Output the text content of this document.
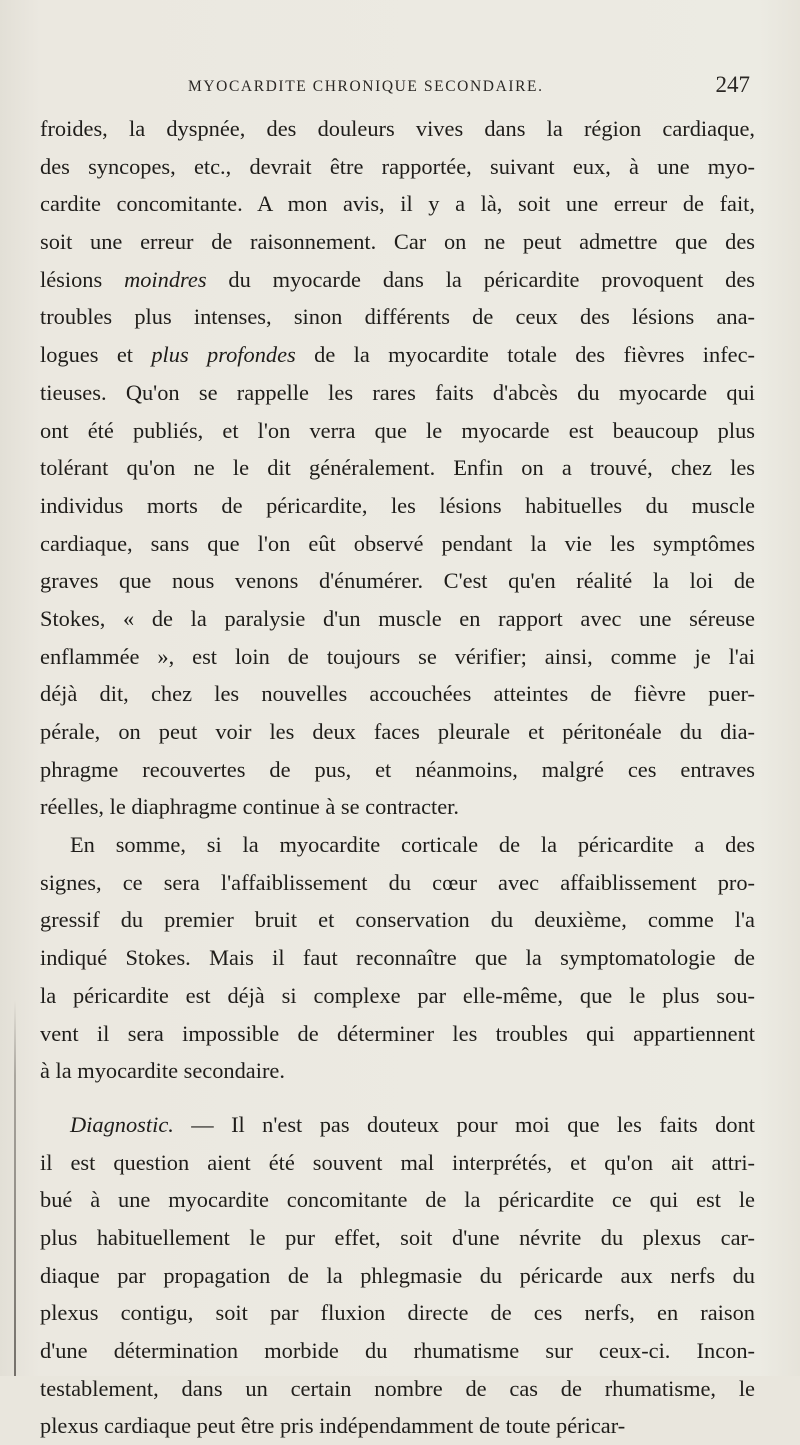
MYOCARDITE CHRONIQUE SECONDAIRE.	247
froides, la dyspnée, des douleurs vives dans la région cardiaque,
des syncopes, etc., devrait être rapportée, suivant eux, à une myo-
cardite concomitante. A mon avis, il y a là, soit une erreur de fait,
soit une erreur de raisonnement. Car on ne peut admettre que des
lésions moindres du myocarde dans la péricardite provoquent des
troubles plus intenses, sinon différents de ceux des lésions ana-
logues et plus profondes de la myocardite totale des fièvres infec-
tieuses. Qu'on se rappelle les rares faits d'abcès du myocarde qui
ont été publiés, et l'on verra que le myocarde est beaucoup plus
tolérant qu'on ne le dit généralement. Enfin on a trouvé, chez les
individus morts de péricardite, les lésions habituelles du muscle
cardiaque, sans que l'on eût observé pendant la vie les symptômes
graves que nous venons d'énumérer. C'est qu'en réalité la loi de
Stokes, « de la paralysie d'un muscle en rapport avec une séreuse
enflammée », est loin de toujours se vérifier; ainsi, comme je l'ai
déjà dit, chez les nouvelles accouchées atteintes de fièvre puer-
pérale, on peut voir les deux faces pleurale et péritonéale du dia-
phragme recouvertes de pus, et néanmoins, malgré ces entraves
réelles, le diaphragme continue à se contracter.
En somme, si la myocardite corticale de la péricardite a des
signes, ce sera l'affaiblissement du cœur avec affaiblissement pro-
gressif du premier bruit et conservation du deuxième, comme l'a
indiqué Stokes. Mais il faut reconnaître que la symptomatologie de
la péricardite est déjà si complexe par elle-même, que le plus sou-
vent il sera impossible de déterminer les troubles qui appartiennent
à la myocardite secondaire.
Diagnostic. — Il n'est pas douteux pour moi que les faits dont
il est question aient été souvent mal interprétés, et qu'on ait attri-
bué à une myocardite concomitante de la péricardite ce qui est le
plus habituellement le pur effet, soit d'une névrite du plexus car-
diaque par propagation de la phlegmasie du péricarde aux nerfs du
plexus contigu, soit par fluxion directe de ces nerfs, en raison
d'une détermination morbide du rhumatisme sur ceux-ci. Incon-
testablement, dans un certain nombre de cas de rhumatisme, le
plexus cardiaque peut être pris indépendamment de toute péricar-
